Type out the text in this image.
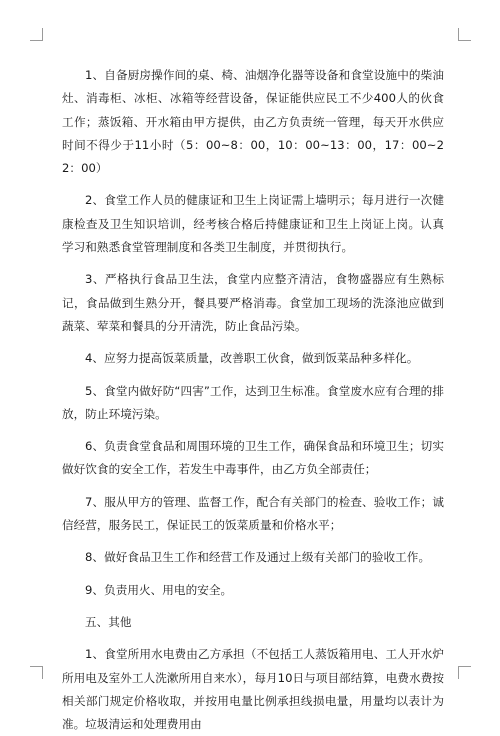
1、自备厨房操作间的桌、椅、油烟净化器等设备和食堂设施中的柴油灶、消毒柜、冰柜、冰箱等经营设备，保证能供应民工不少400人的伙食工作；蒸饭箱、开水箱由甲方提供，由乙方负责统一管理，每天开水供应时间不得少于11小时（5：00~8：00，10：00~13：00，17：00~22：00）

2、食堂工作人员的健康证和卫生上岗证需上墙明示；每月进行一次健康检查及卫生知识培训，经考核合格后持健康证和卫生上岗证上岗。认真学习和熟悉食堂管理制度和各类卫生制度，并贯彻执行。

3、严格执行食品卫生法，食堂内应整齐清洁，食物盛器应有生熟标记，食品做到生熟分开，餐具要严格消毒。食堂加工现场的洗涤池应做到蔬菜、荤菜和餐具的分开清洗，防止食品污染。

4、应努力提高饭菜质量，改善职工伙食，做到饭菜品种多样化。

5、食堂内做好防“四害”工作，达到卫生标准。食堂废水应有合理的排放，防止环境污染。

6、负责食堂食品和周围环境的卫生工作，确保食品和环境卫生；切实做好饮食的安全工作，若发生中毒事件，由乙方负全部责任；

7、服从甲方的管理、监督工作，配合有关部门的检查、验收工作；诚信经营，服务民工，保证民工的饭菜质量和价格水平；

8、做好食品卫生工作和经营工作及通过上级有关部门的验收工作。

9、负责用火、用电的安全。

五、其他

1、食堂所用水电费由乙方承担（不包括工人蒸饭箱用电、工人开水炉所用电及室外工人洗漱所用自来水），每月10日与项目部结算，电费水费按相关部门规定价格收取，并按用电量比例承担线损电量，用量均以表计为准。垃圾清运和处理费用由
